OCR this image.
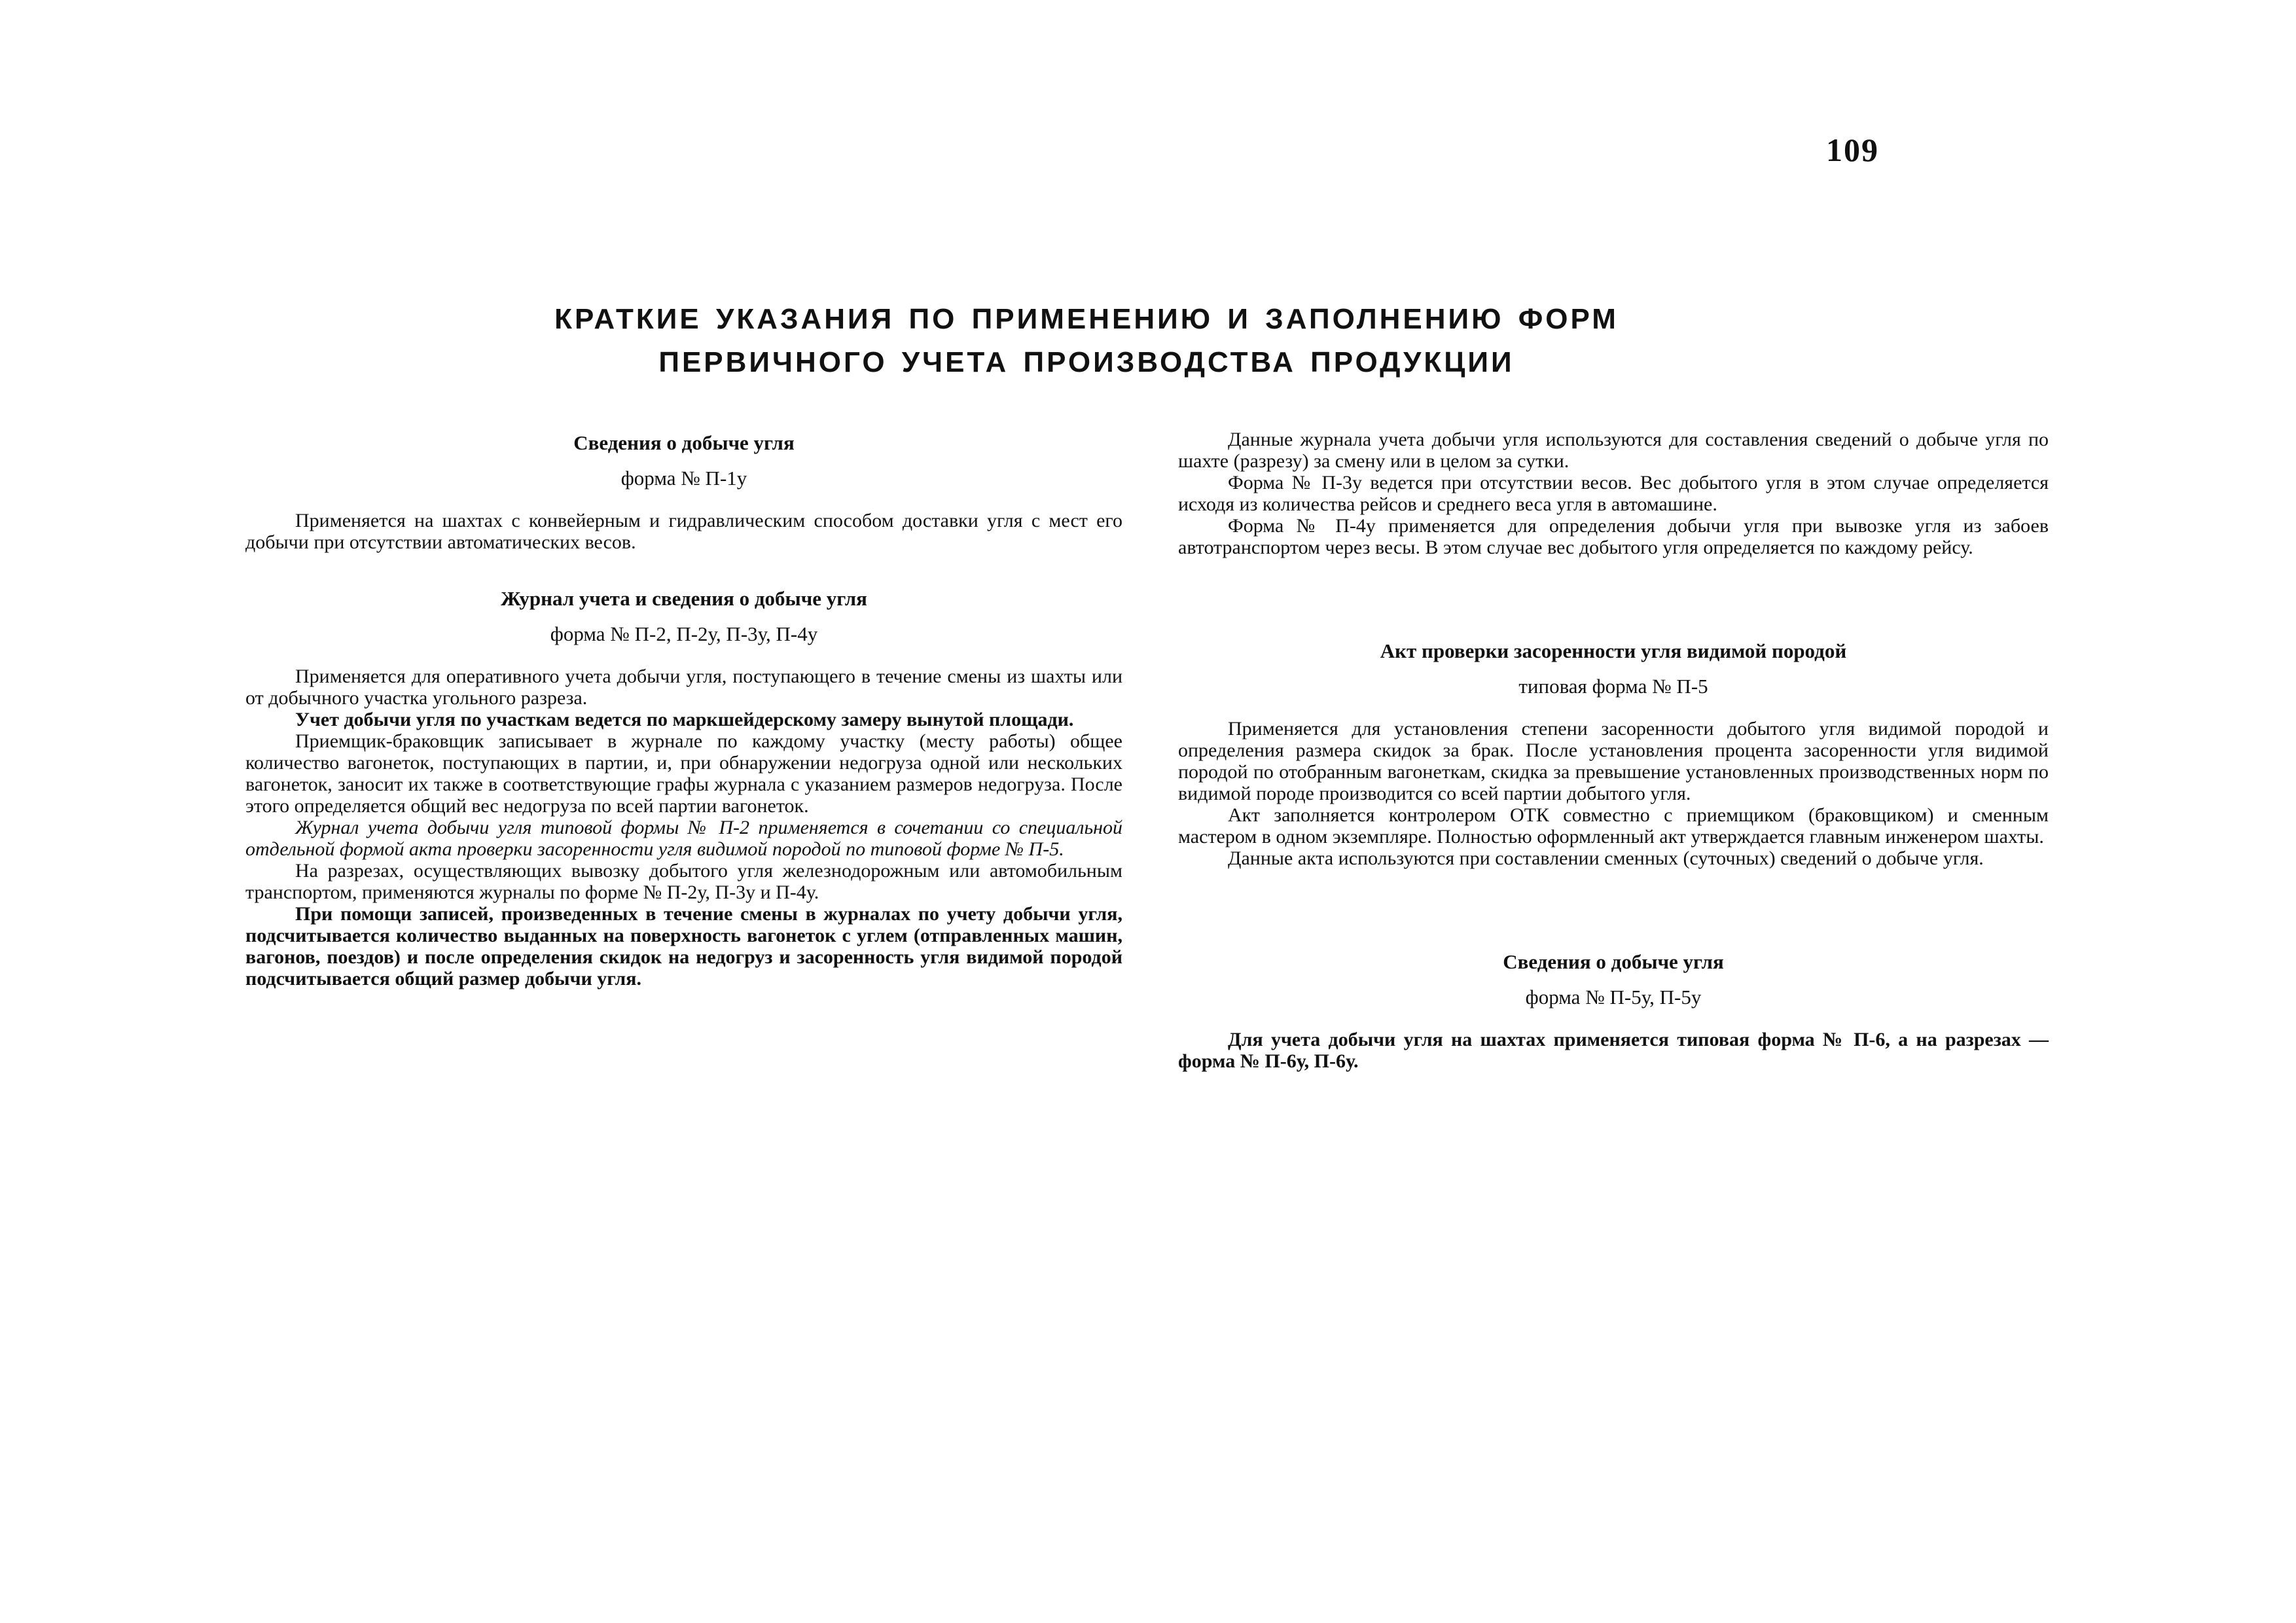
109
КРАТКИЕ УКАЗАНИЯ ПО ПРИМЕНЕНИЮ И ЗАПОЛНЕНИЮ ФОРМ
ПЕРВИЧНОГО УЧЕТА ПРОИЗВОДСТВА ПРОДУКЦИИ

Сведения о добыче угля

форма № П-1у

Применяется на шахтах с конвейерным и гидравлическим способом доставки угля с мест его добычи при отсутствии автоматических весов.

Журнал учета и сведения о добыче угля

форма № П-2, П-2у, П-3у, П-4у

Применяется для оперативного учета добычи угля, поступающего в течение смены из шахты или от добычного участка угольного разреза.

Учет добычи угля по участкам ведется по маркшейдерскому замеру вынутой площади.

Приемщик-браковщик записывает в журнале по каждому участку (месту работы) общее количество вагонеток, поступающих в партии, и, при обнаружении недогруза одной или нескольких вагонеток, заносит их также в соответствующие графы журнала с указанием размеров недогруза. После этого определяется общий вес недогруза по всей партии вагонеток.

Журнал учета добычи угля типовой формы № П-2 применяется в сочетании со специальной отдельной формой акта проверки засоренности угля видимой породой по типовой форме № П-5.

На разрезах, осуществляющих вывозку добытого угля железнодорожным или автомобильным транспортом, применяются журналы по форме № П-2у, П-3у и П-4у.

При помощи записей, произведенных в течение смены в журналах по учету добычи угля, подсчитывается количество выданных на поверхность вагонеток с углем (отправленных машин, вагонов, поездов) и после определения скидок на недогруз и засоренность угля видимой породой подсчитывается общий размер добычи угля.

Данные журнала учета добычи угля используются для составления сведений о добыче угля по шахте (разрезу) за смену или в целом за сутки.

Форма № П-3у ведется при отсутствии весов. Вес добытого угля в этом случае определяется исходя из количества рейсов и среднего веса угля в автомашине.

Форма № П-4у применяется для определения добычи угля при вывозке угля из забоев автотранспортом через весы. В этом случае вес добытого угля определяется по каждому рейсу.

Акт проверки засоренности угля видимой породой

типовая форма № П-5

Применяется для установления степени засоренности добытого угля видимой породой и определения размера скидок за брак. После установления процента засоренности угля видимой породой по отобранным вагонеткам, скидка за превышение установленных производственных норм по видимой породе производится со всей партии добытого угля.

Акт заполняется контролером ОТК совместно с приемщиком (браковщиком) и сменным мастером в одном экземпляре. Полностью оформленный акт утверждается главным инженером шахты.

Данные акта используются при составлении сменных (суточных) сведений о добыче угля.

Сведения о добыче угля

форма № П-5у, П-5у

Для учета добычи угля на шахтах применяется типовая форма № П-6, а на разрезах — форма № П-6у, П-6у.
